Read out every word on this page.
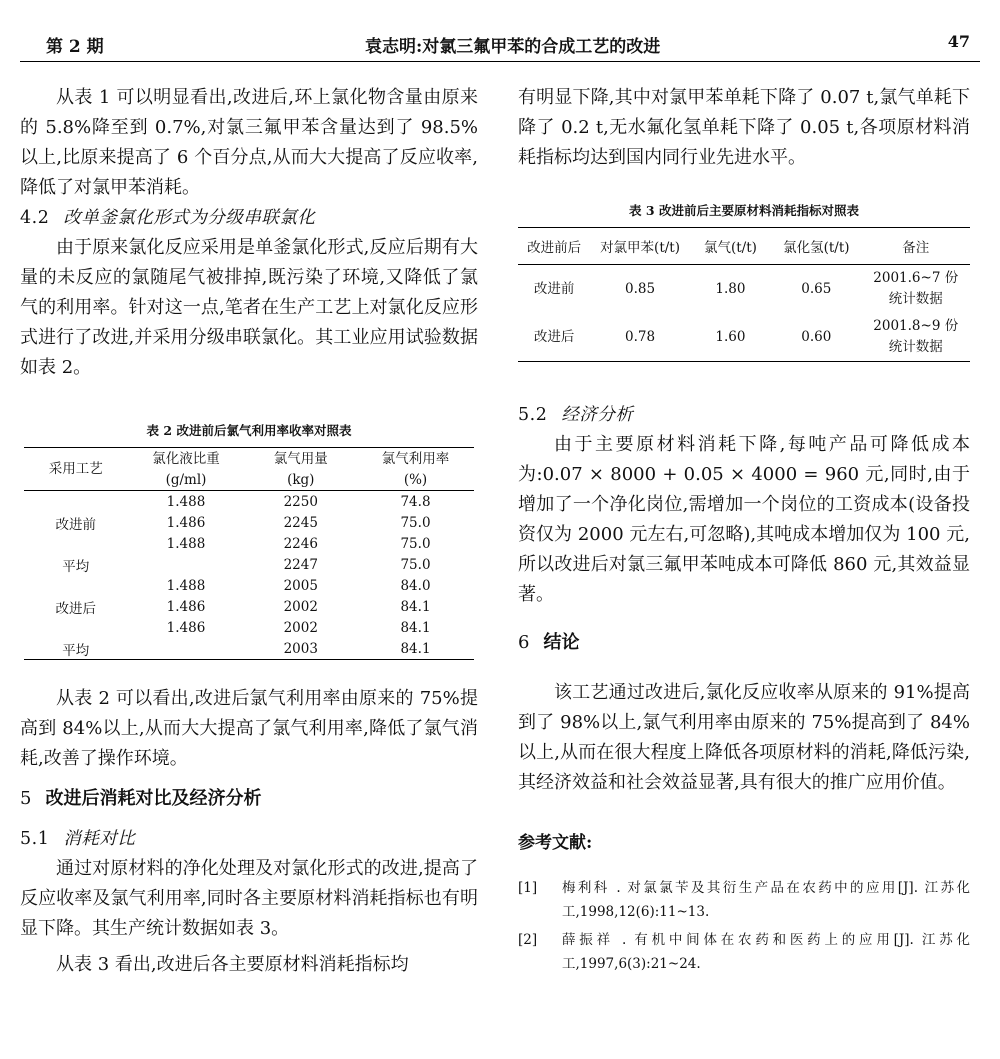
第 2 期	袁志明:对氯三氟甲苯的合成工艺的改进	47

从表 1 可以明显看出,改进后,环上氯化物含量由原来的 5.8%降至到 0.7%,对氯三氟甲苯含量达到了 98.5%以上,比原来提高了 6 个百分点,从而大大提高了反应收率,降低了对氯甲苯消耗。

4.2 改单釜氯化形式为分级串联氯化

由于原来氯化反应采用是单釜氯化形式,反应后期有大量的未反应的氯随尾气被排掉,既污染了环境,又降低了氯气的利用率。针对这一点,笔者在生产工艺上对氯化反应形式进行了改进,并采用分级串联氯化。其工业应用试验数据如表 2。

表 2 改进前后氯气利用率收率对照表

采用工艺	氯化液比重	氯气用量	氯气利用率
	(g/ml)	(kg)	(%)
	1.488	2250	74.8
改进前	1.486	2245	75.0
	1.488	2246	75.0
平均		2247	75.0
	1.488	2005	84.0
改进后	1.486	2002	84.1
	1.486	2002	84.1
平均		2003	84.1

从表 2 可以看出,改进后氯气利用率由原来的 75%提高到 84%以上,从而大大提高了氯气利用率,降低了氯气消耗,改善了操作环境。

5 改进后消耗对比及经济分析

5.1 消耗对比

通过对原材料的净化处理及对氯化形式的改进,提高了反应收率及氯气利用率,同时各主要原材料消耗指标也有明显下降。其生产统计数据如表 3。

从表 3 看出,改进后各主要原材料消耗指标均

有明显下降,其中对氯甲苯单耗下降了 0.07 t,氯气单耗下降了 0.2 t,无水氟化氢单耗下降了 0.05 t,各项原材料消耗指标均达到国内同行业先进水平。

表 3 改进前后主要原材料消耗指标对照表

改进前后	对氯甲苯(t/t)	氯气(t/t)	氯化氢(t/t)	备注
改进前	0.85	1.80	0.65	2001.6~7 份
统计数据
改进后	0.78	1.60	0.60	2001.8~9 份
统计数据

5.2 经济分析

由于主要原材料消耗下降,每吨产品可降低成本为:0.07 × 8000 + 0.05 × 4000 = 960 元,同时,由于增加了一个净化岗位,需增加一个岗位的工资成本(设备投资仅为 2000 元左右,可忽略),其吨成本增加仅为 100 元,所以改进后对氯三氟甲苯吨成本可降低 860 元,其效益显著。

6 结论

该工艺通过改进后,氯化反应收率从原来的 91%提高到了 98%以上,氯气利用率由原来的 75%提高到了 84%以上,从而在很大程度上降低各项原材料的消耗,降低污染,其经济效益和社会效益显著,具有很大的推广应用价值。

参考文献:

[1] 梅利科 . 对氯氯苄及其衍生产品在农药中的应用[J]. 江苏化工,1998,12(6):11~13.

[2] 薛振祥 . 有机中间体在农药和医药上的应用[J]. 江苏化工,1997,6(3):21~24.
